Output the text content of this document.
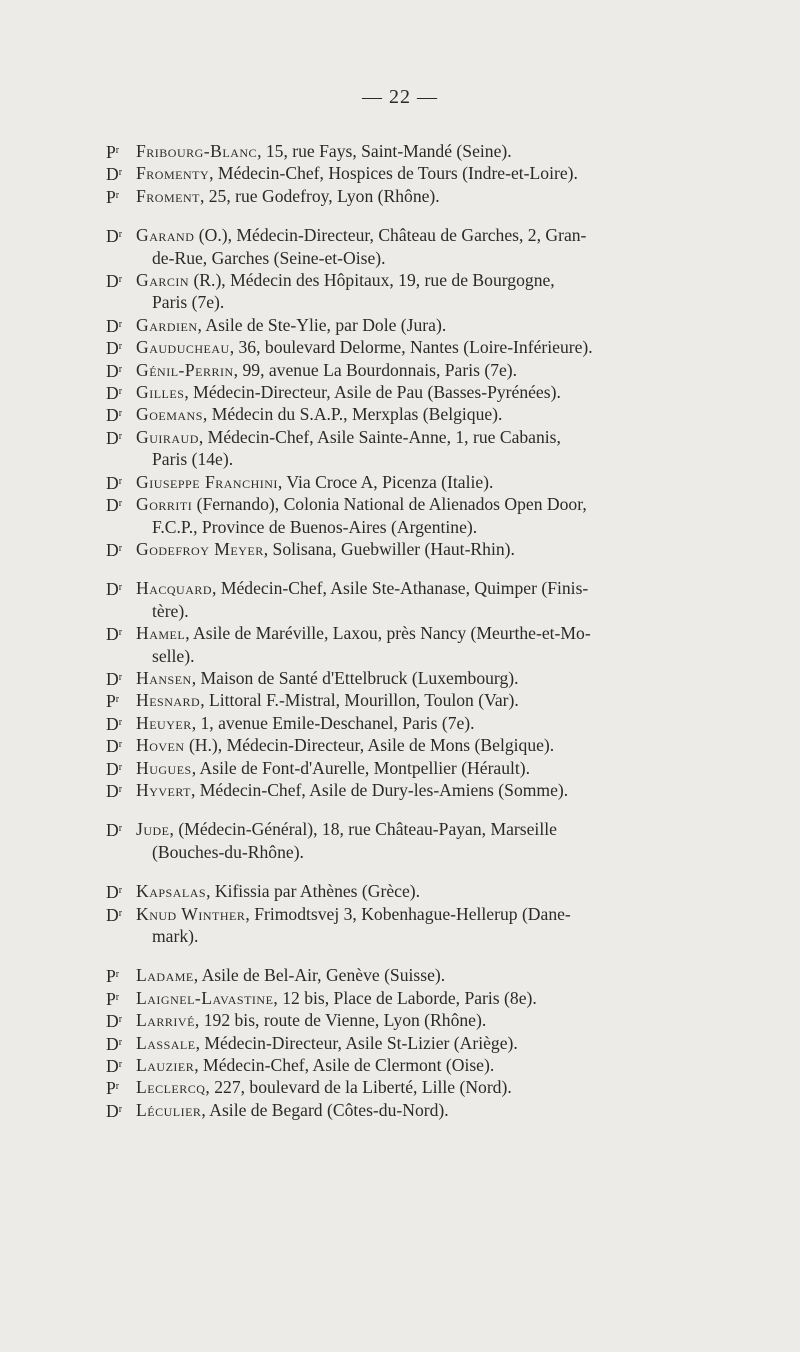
— 22 —
$P^r$ Fribourg-Blanc, 15, rue Fays, Saint-Mandé (Seine).
$D^r$ Fromenty, Médecin-Chef, Hospices de Tours (Indre-et-Loire).
$P^r$ Froment, 25, rue Godefroy, Lyon (Rhône).
$D^r$ Garand (O.), Médecin-Directeur, Château de Garches, 2, Gran-
de-Rue, Garches (Seine-et-Oise).
$D^r$ Garcin (R.), Médecin des Hôpitaux, 19, rue de Bourgogne,
Paris (7e).
$D^r$ Gardien, Asile de Ste-Ylie, par Dole (Jura).
$D^r$ Gauducheau, 36, boulevard Delorme, Nantes (Loire-Inférieure).
$D^r$ Génil-Perrin, 99, avenue La Bourdonnais, Paris (7e).
$D^r$ Gilles, Médecin-Directeur, Asile de Pau (Basses-Pyrénées).
$D^r$ Goemans, Médecin du S.A.P., Merxplas (Belgique).
$D^r$ Guiraud, Médecin-Chef, Asile Sainte-Anne, 1, rue Cabanis,
Paris (14e).
$D^r$ Giuseppe Franchini, Via Croce A, Picenza (Italie).
$D^r$ Gorriti (Fernando), Colonia National de Alienados Open Door,
F.C.P., Province de Buenos-Aires (Argentine).
$D^r$ Godefroy Meyer, Solisana, Guebwiller (Haut-Rhin).
$D^r$ Hacquard, Médecin-Chef, Asile Ste-Athanase, Quimper (Finis-
tère).
$D^r$ Hamel, Asile de Maréville, Laxou, près Nancy (Meurthe-et-Mo-
selle).
$D^r$ Hansen, Maison de Santé d'Ettelbruck (Luxembourg).
$P^r$ Hesnard, Littoral F.-Mistral, Mourillon, Toulon (Var).
$D^r$ Heuyer, 1, avenue Emile-Deschanel, Paris (7e).
$D^r$ Hoven (H.), Médecin-Directeur, Asile de Mons (Belgique).
$D^r$ Hugues, Asile de Font-d'Aurelle, Montpellier (Hérault).
$D^r$ Hyvert, Médecin-Chef, Asile de Dury-les-Amiens (Somme).
$D^r$ Jude, (Médecin-Général), 18, rue Château-Payan, Marseille
(Bouches-du-Rhône).
$D^r$ Kapsalas, Kifissia par Athènes (Grèce).
$D^r$ Knud Winther, Frimodtsvej 3, Kobenhague-Hellerup (Dane-
mark).
$P^r$ Ladame, Asile de Bel-Air, Genève (Suisse).
$P^r$ Laignel-Lavastine, 12 bis, Place de Laborde, Paris (8e).
$D^r$ Larrivé, 192 bis, route de Vienne, Lyon (Rhône).
$D^r$ Lassale, Médecin-Directeur, Asile St-Lizier (Ariège).
$D^r$ Lauzier, Médecin-Chef, Asile de Clermont (Oise).
$P^r$ Leclercq, 227, boulevard de la Liberté, Lille (Nord).
$D^r$ Léculier, Asile de Begard (Côtes-du-Nord).
